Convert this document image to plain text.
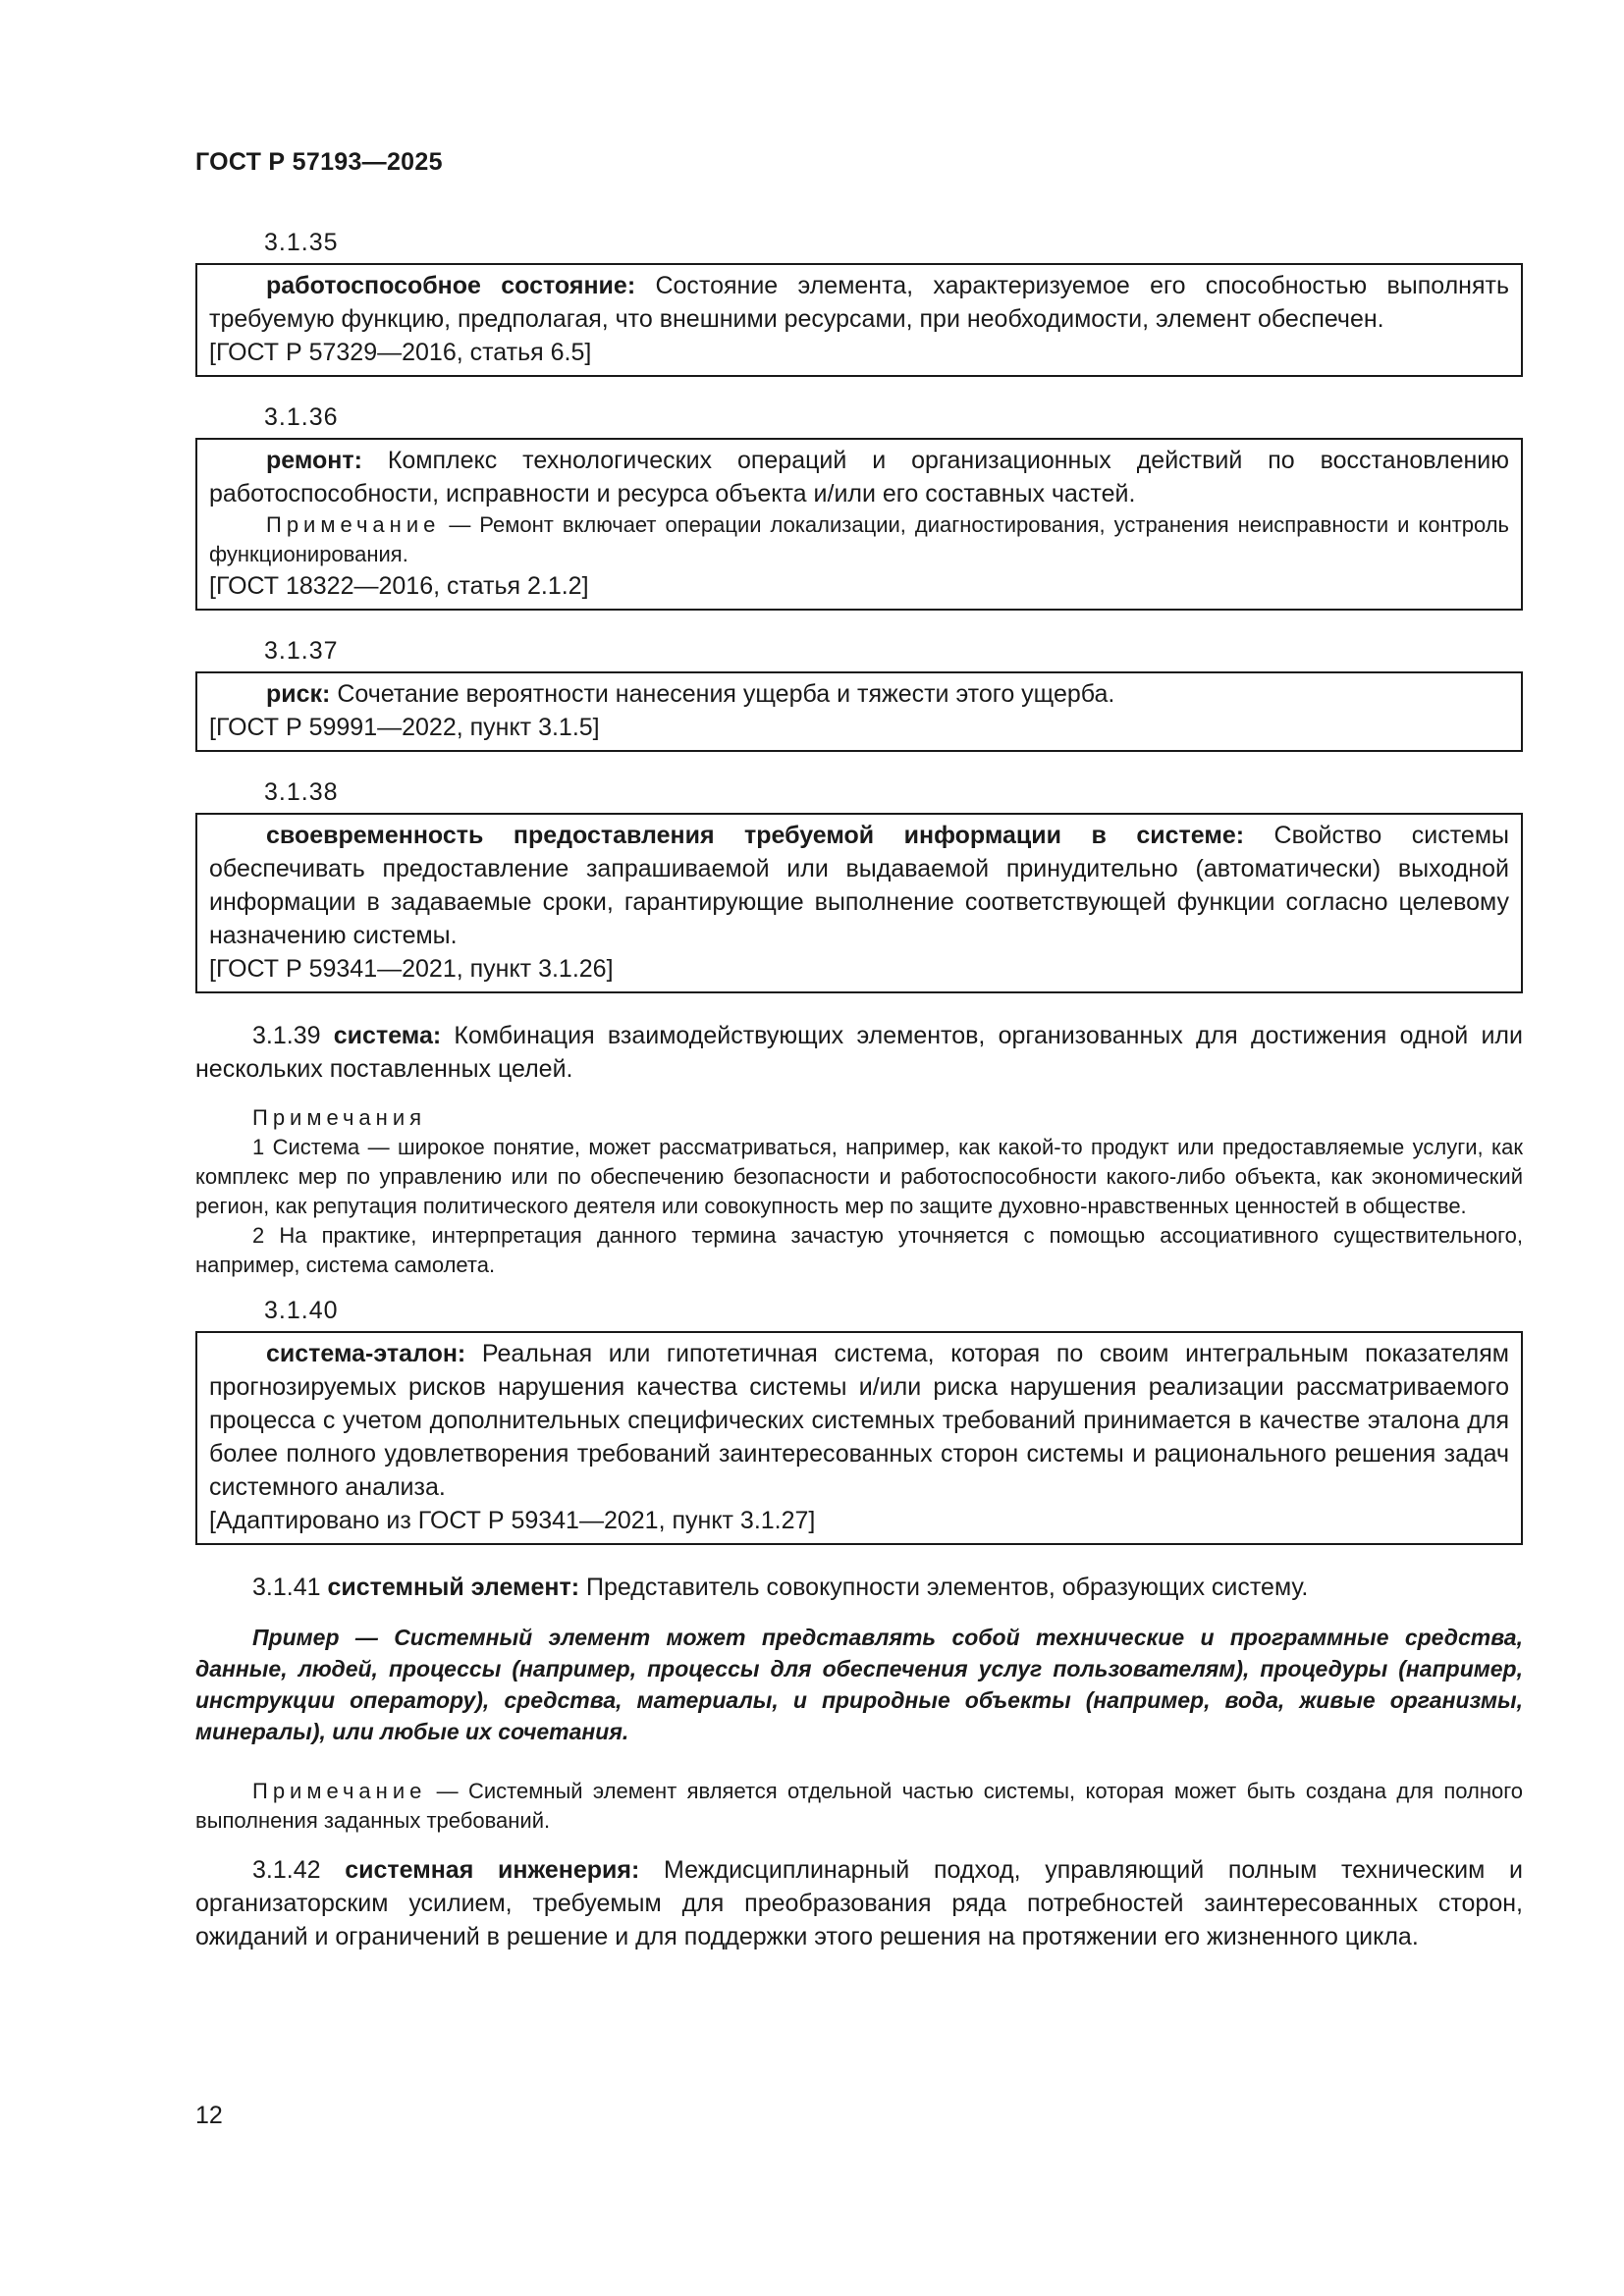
ГОСТ Р 57193—2025
3.1.35

работоспособное состояние: Состояние элемента, характеризуемое его способностью выполнять требуемую функцию, предполагая, что внешними ресурсами, при необходимости, элемент обеспечен.

[ГОСТ Р 57329—2016, статья 6.5]

3.1.36

ремонт: Комплекс технологических операций и организационных действий по восстановлению работоспособности, исправности и ресурса объекта и/или его составных частей.

Примечание — Ремонт включает операции локализации, диагностирования, устранения неисправности и контроль функционирования.

[ГОСТ 18322—2016, статья 2.1.2]

3.1.37

риск: Сочетание вероятности нанесения ущерба и тяжести этого ущерба.

[ГОСТ Р 59991—2022, пункт 3.1.5]

3.1.38

своевременность предоставления требуемой информации в системе: Свойство системы обеспечивать предоставление запрашиваемой или выдаваемой принудительно (автоматически) выходной информации в задаваемые сроки, гарантирующие выполнение соответствующей функции согласно целевому назначению системы.

[ГОСТ Р 59341—2021, пункт 3.1.26]

3.1.39 система: Комбинация взаимодействующих элементов, организованных для достижения одной или нескольких поставленных целей.

Примечания

1 Система — широкое понятие, может рассматриваться, например, как какой-то продукт или предоставляемые услуги, как комплекс мер по управлению или по обеспечению безопасности и работоспособности какого-либо объекта, как экономический регион, как репутация политического деятеля или совокупность мер по защите духовно-нравственных ценностей в обществе.

2 На практике, интерпретация данного термина зачастую уточняется с помощью ассоциативного существительного, например, система самолета.

3.1.40

система-эталон: Реальная или гипотетичная система, которая по своим интегральным показателям прогнозируемых рисков нарушения качества системы и/или риска нарушения реализации рассматриваемого процесса с учетом дополнительных специфических системных требований принимается в качестве эталона для более полного удовлетворения требований заинтересованных сторон системы и рационального решения задач системного анализа.

[Адаптировано из ГОСТ Р 59341—2021, пункт 3.1.27]

3.1.41 системный элемент: Представитель совокупности элементов, образующих систему.

Пример — Системный элемент может представлять собой технические и программные средства, данные, людей, процессы (например, процессы для обеспечения услуг пользователям), процедуры (например, инструкции оператору), средства, материалы, и природные объекты (например, вода, живые организмы, минералы), или любые их сочетания.
Примечание — Системный элемент является отдельной частью системы, которая может быть создана для полного выполнения заданных требований.

3.1.42 системная инженерия: Междисциплинарный подход, управляющий полным техническим и организаторским усилием, требуемым для преобразования ряда потребностей заинтересованных сторон, ожиданий и ограничений в решение и для поддержки этого решения на протяжении его жизненного цикла.

12
